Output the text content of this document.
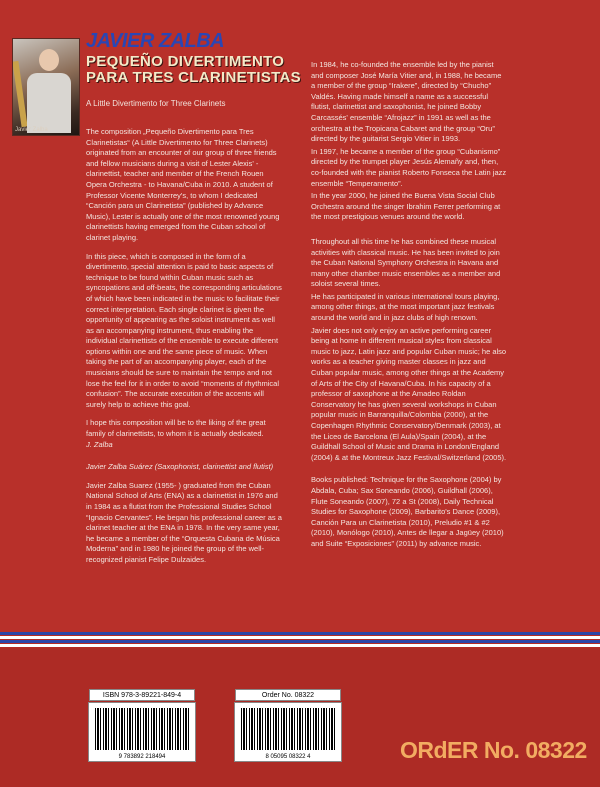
Javier Zalba
JAVIER ZALBA
PEQUEÑO DIVERTIMENTO
PARA TRES CLARINETISTAS
A Little Divertimento for Three Clarinets

The composition „Pequeño Divertimento para Tres Clarinetistas“ (A Little Divertimento for Three Clarinets) originated from an encounter of our group of three friends and fellow musicians during a visit of Lester Alexis' - clarinettist, teacher and member of the French Rouen Opera Orchestra - to Havana/Cuba in 2010. A student of Professor Vicente Monterrey's, to whom I dedicated “Canción para un Clarinetista” (published by Advance Music), Lester is actually one of the most renowned young clarinettists having emerged from the Cuban school of clarinet playing.

In this piece, which is composed in the form of a divertimento, special attention is paid to basic aspects of technique to be found within Cuban music such as syncopations and off-beats, the corresponding articulations of which have been indicated in the music to facilitate their correct interpretation. Each single clarinet is given the opportunity of appearing as the soloist instrument as well as an accompanying instrument, thus enabling the individual clarinettists of the ensemble to execute different options within one and the same piece of music. When taking the part of an accompanying player, each of the musicians should be sure to maintain the tempo and not lose the feel for it in order to avoid “moments of rhythmical confusion”. The accurate execution of the accents will surely help to achieve this goal.

I hope this composition will be to the liking of the great family of clarinettists, to whom it is actually dedicated.
J. Zalba

Javier Zalba Suárez (Saxophonist, clarinettist and flutist)

Javier Zalba Suarez (1955- ) graduated from the Cuban National School of Arts (ENA) as a clarinettist in 1976 and in 1984 as a flutist from the Professional Studies School “Ignacio Cervantes”. He began his professional career as a clarinet teacher at the ENA in 1978. In the very same year, he became a member of the “Orquesta Cubana de Música Moderna” and in 1980 he joined the group of the well-recognized pianist Felipe Dulzaides.

In 1984, he co-founded the ensemble led by the pianist and composer José María Vitier and, in 1988, he became a member of the group “Irakere”, directed by “Chucho” Valdés. Having made himself a name as a successful flutist, clarinettist and saxophonist, he joined Bobby Carcassés' ensemble “Afrojazz” in 1991 as well as the orchestra at the Tropicana Cabaret and the group “Oru” directed by the guitarist Sergio Vitier in 1993.

In 1997, he became a member of the group “Cubanismo” directed by the trumpet player Jesús Alemañy and, then, co-founded with the pianist Roberto Fonseca the Latin jazz ensemble “Temperamento”.

In the year 2000, he joined the Buena Vista Social Club Orchestra around the singer Ibrahim Ferrer performing at the most prestigious venues around the world.

Throughout all this time he has combined these musical activities with classical music. He has been invited to join the Cuban National Symphony Orchestra in Havana and many other chamber music ensembles as a member and soloist several times.

He has participated in various international tours playing, among other things, at the most important jazz festivals around the world and in jazz clubs of high renown.

Javier does not only enjoy an active performing career being at home in different musical styles from classical music to jazz, Latin jazz and popular Cuban music; he also works as a teacher giving master classes in jazz and Cuban popular music, among other things at the Academy of Arts of the City of Havana/Cuba. In his capacity of a professor of saxophone at the Amadeo Roldan Conservatory he has given several workshops in Cuban popular music in Barranquilla/Colombia (2000), at the Copenhagen Rhythmic Conservatory/Denmark (2003), at the Liceo de Barcelona (El Aula)/Spain (2004), at the Guildhall School of Music and Drama in London/England (2004) & at the Montreux Jazz Festival/Switzerland (2005).

Books published: Technique for the Saxophone (2004) by Abdala, Cuba; Sax Soneando (2006), Guildhall (2006), Flute Soneando (2007), 72 a St (2008), Daily Technical Studies for Saxophone (2009), Barbarito's Dance (2009), Canción Para un Clarinetista (2010), Preludio #1 & #2 (2010), Monólogo (2010), Antes de llegar a Jagüey (2010) and Suite “Exposiciones” (2011) by advance music.

ISBN 978-3-89221-849-4
9 783892 218494
Order No. 08322
8 05095 08322 4	ORdER No. 08322
